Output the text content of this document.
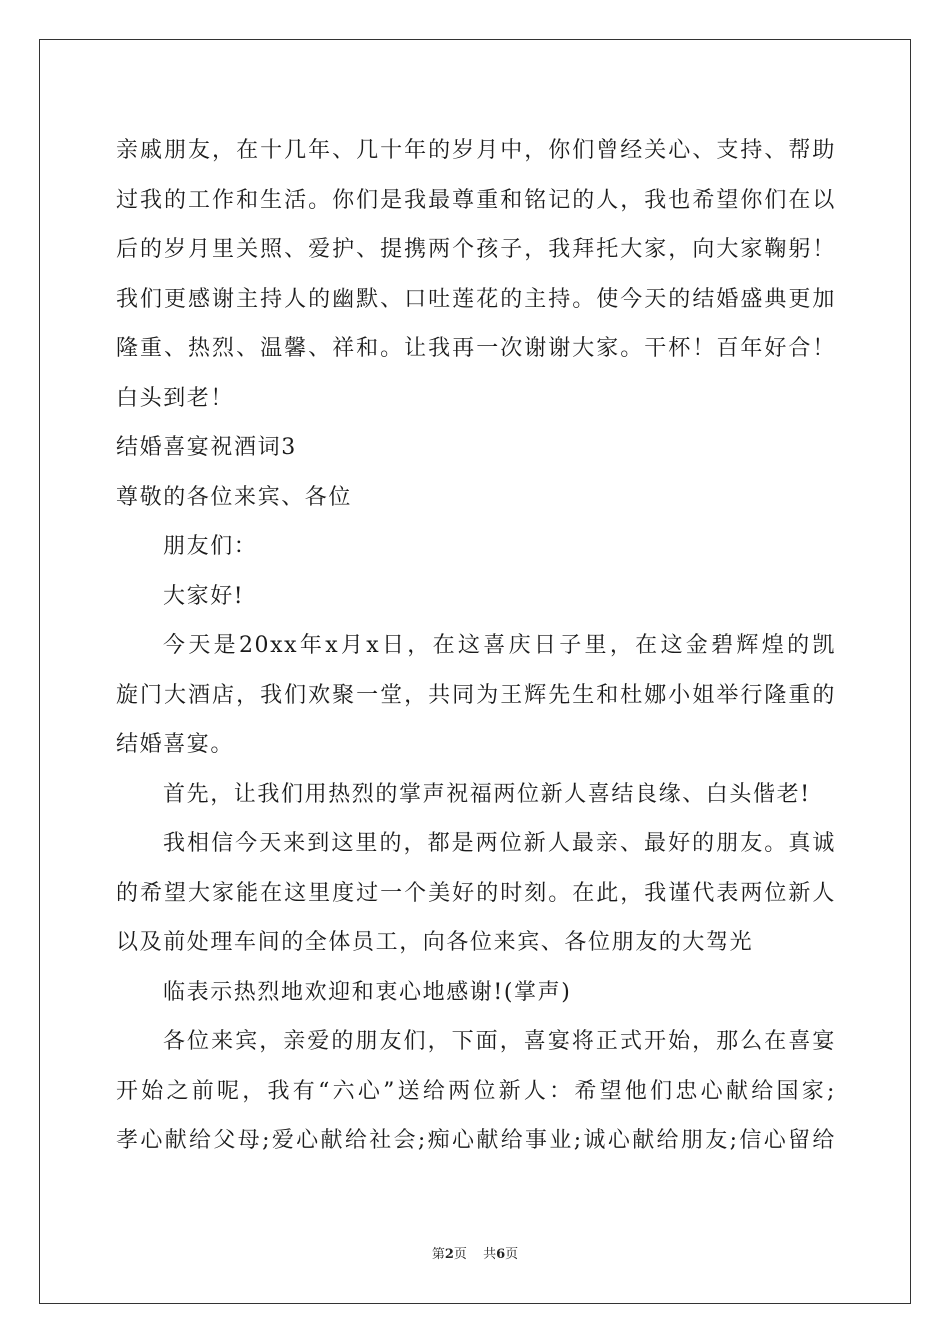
亲戚朋友，在十几年、几十年的岁月中，你们曾经关心、支持、帮助
过我的工作和生活。你们是我最尊重和铭记的人，我也希望你们在以
后的岁月里关照、爱护、提携两个孩子，我拜托大家，向大家鞠躬！
我们更感谢主持人的幽默、口吐莲花的主持。使今天的结婚盛典更加
隆重、热烈、温馨、祥和。让我再一次谢谢大家。干杯！百年好合！
白头到老！
结婚喜宴祝酒词3
尊敬的各位来宾、各位
朋友们：
大家好!
今天是20xx年x月x日，在这喜庆日子里，在这金碧辉煌的凯
旋门大酒店，我们欢聚一堂，共同为王辉先生和杜娜小姐举行隆重的
结婚喜宴。
首先，让我们用热烈的掌声祝福两位新人喜结良缘、白头偕老!
我相信今天来到这里的，都是两位新人最亲、最好的朋友。真诚
的希望大家能在这里度过一个美好的时刻。在此，我谨代表两位新人
以及前处理车间的全体员工，向各位来宾、各位朋友的大驾光
临表示热烈地欢迎和衷心地感谢!(掌声)
各位来宾，亲爱的朋友们，下面，喜宴将正式开始，那么在喜宴
开始之前呢，我有“六心”送给两位新人：希望他们忠心献给国家;
孝心献给父母;爱心献给社会;痴心献给事业;诚心献给朋友;信心留给
第2页 共6页
